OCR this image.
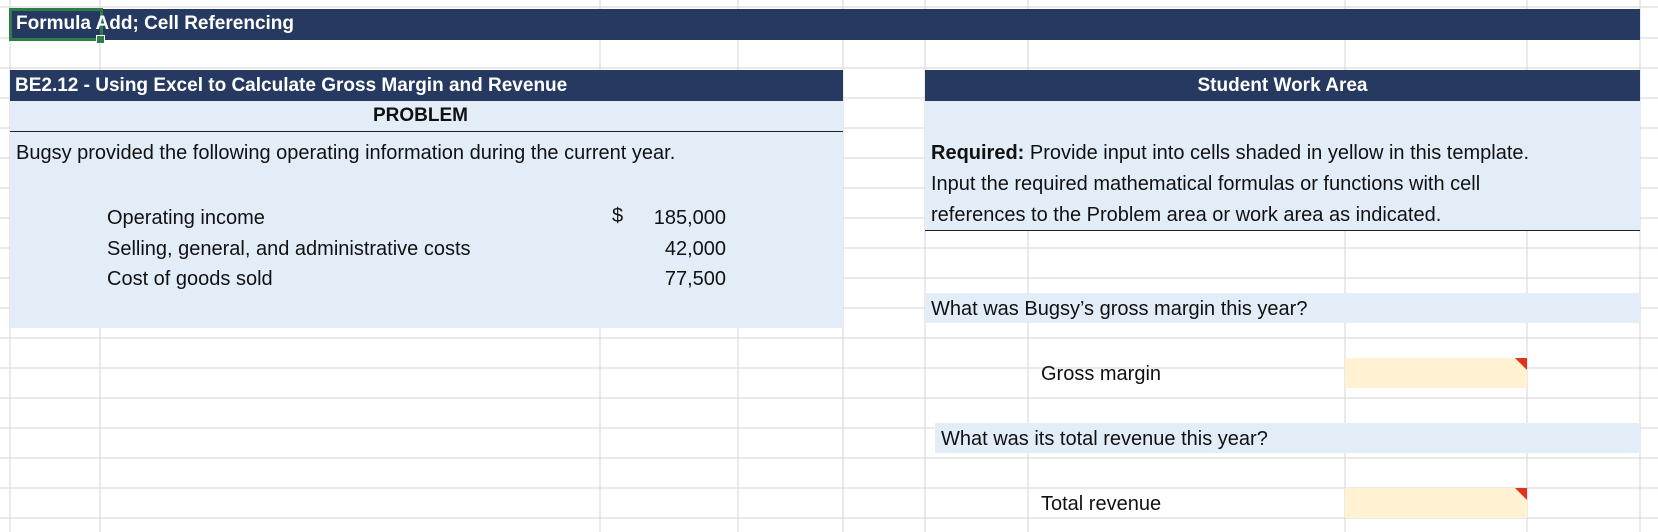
Formula Add; Cell Referencing
BE2.12 - Using Excel to Calculate Gross Margin and Revenue
PROBLEM
Bugsy provided the following operating information during the current year.
Operating income	$	185,000
Selling, general, and administrative costs	42,000
Cost of goods sold	77,500
Student Work Area
Required: Provide input into cells shaded in yellow in this template.
Input the required mathematical formulas or functions with cell
references to the Problem area or work area as indicated.
What was Bugsy’s gross margin this year?
Gross margin
What was its total revenue this year?
Total revenue
